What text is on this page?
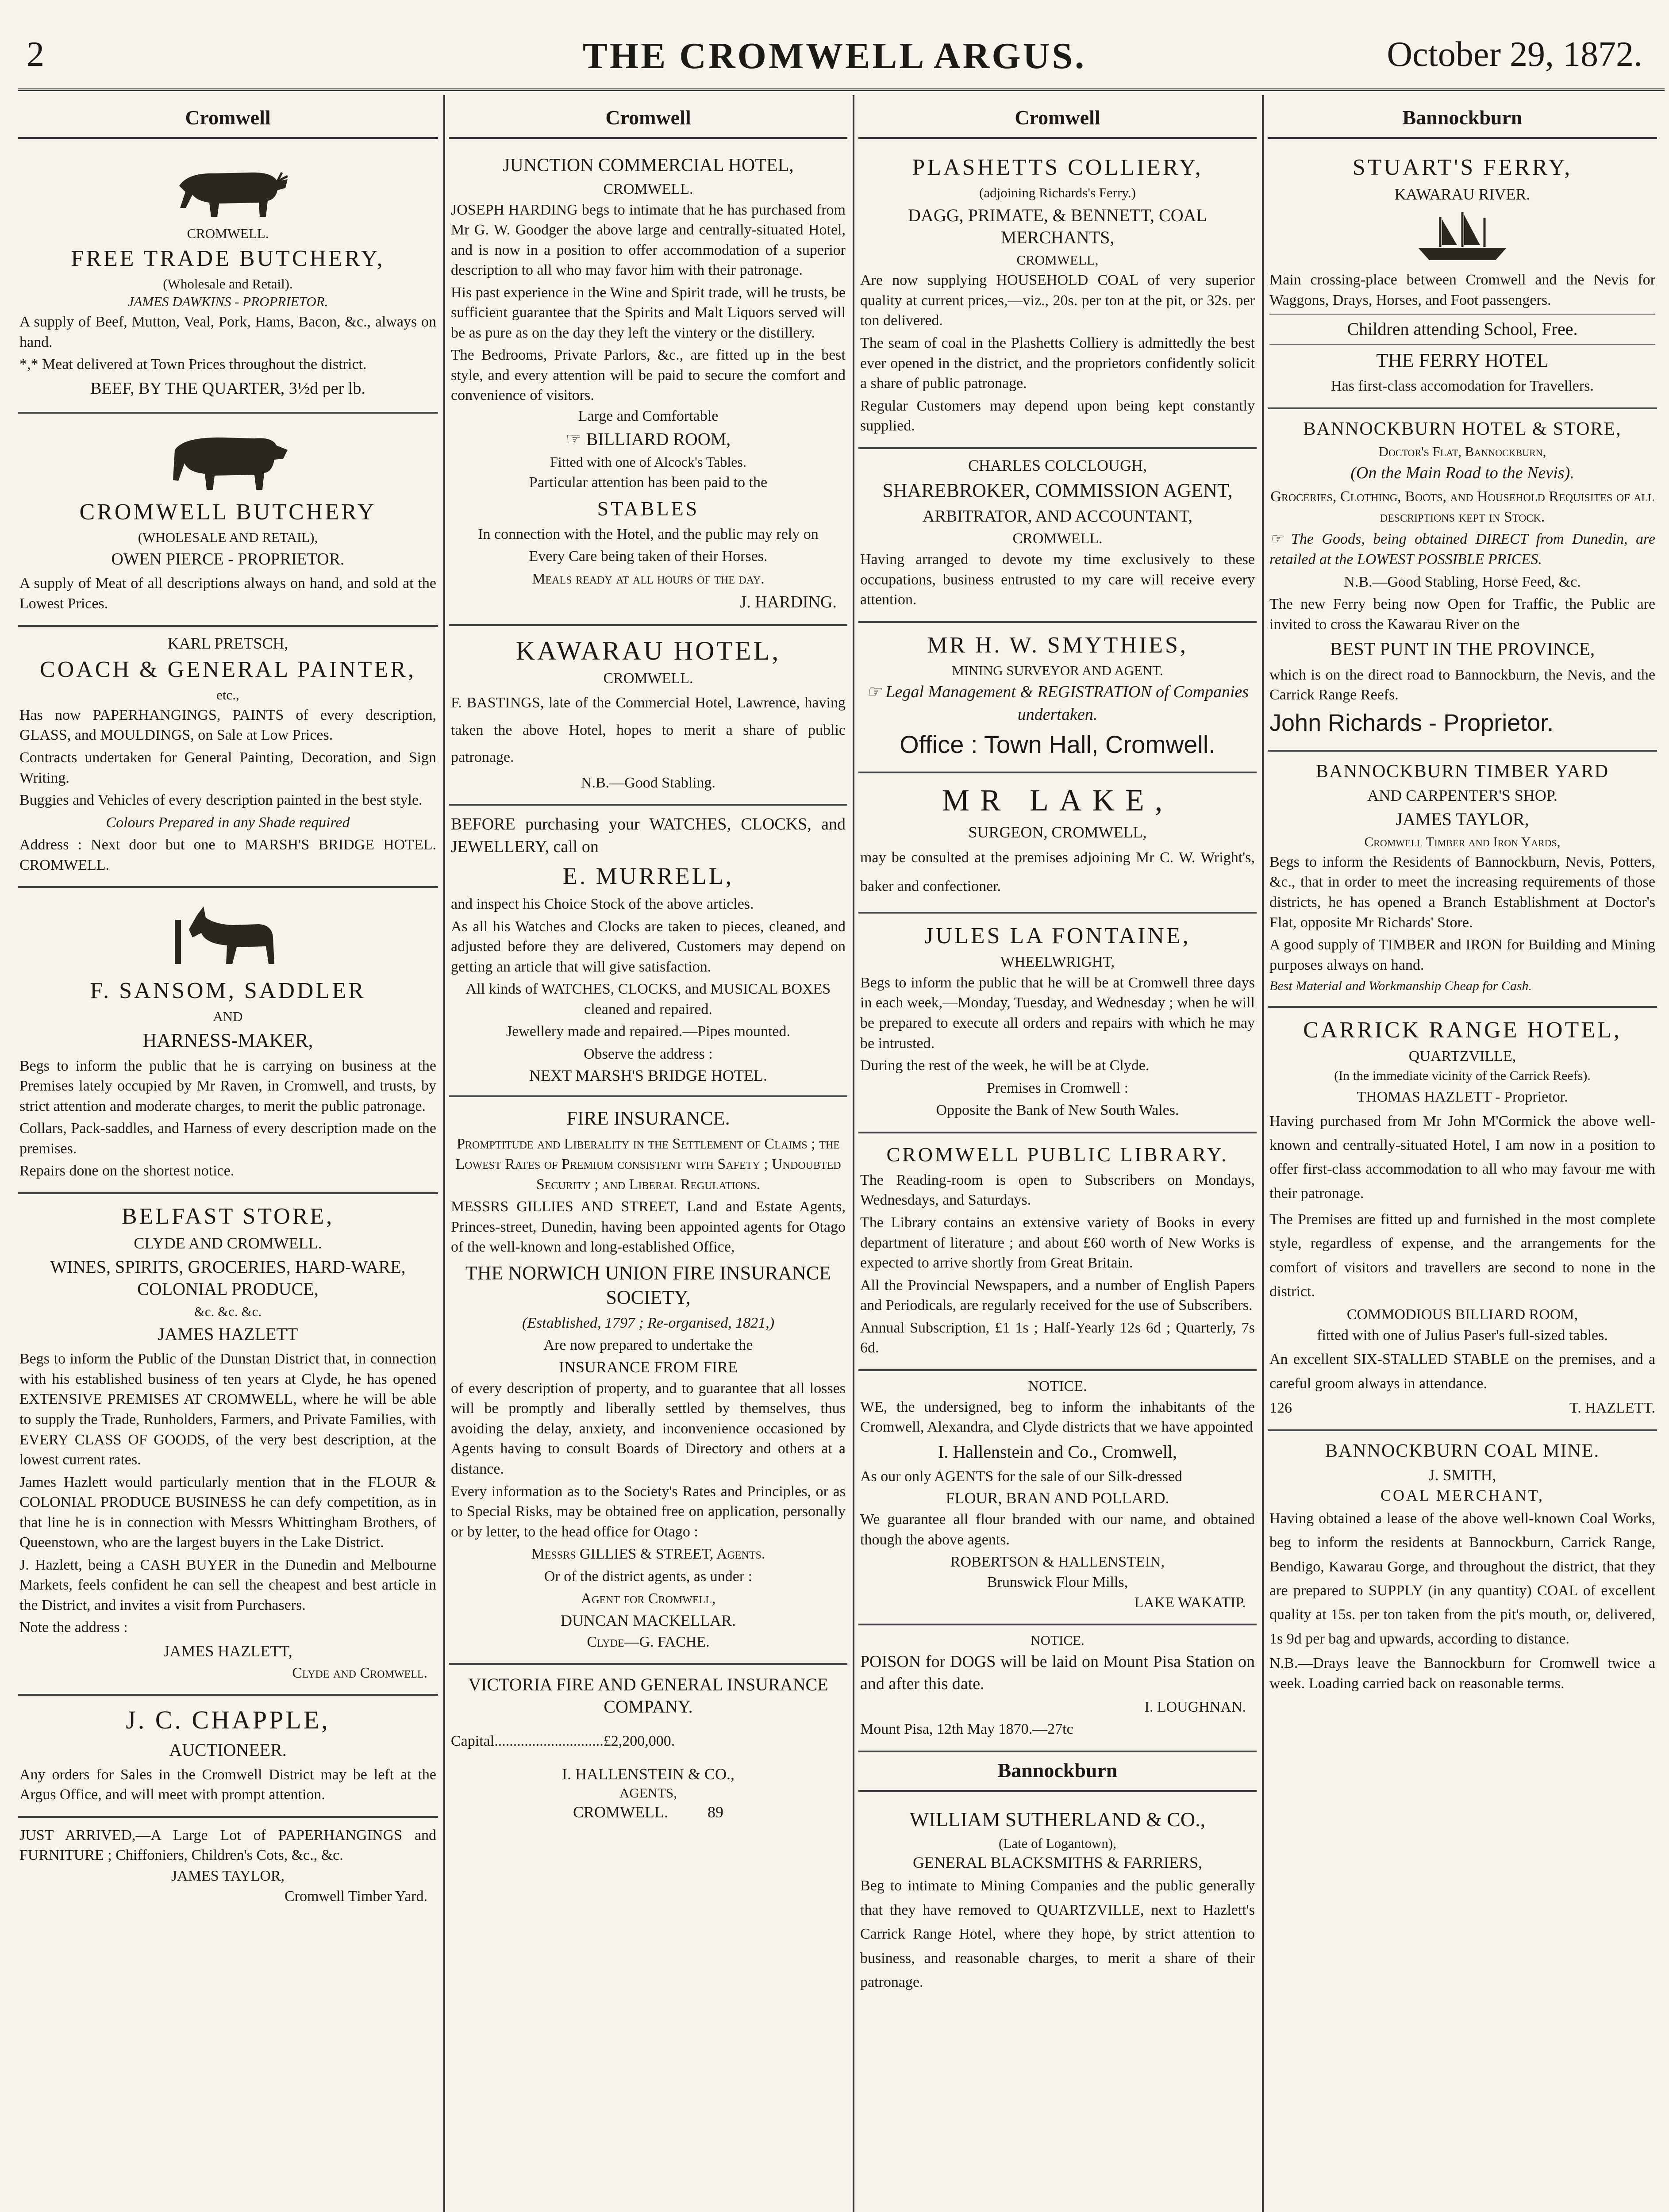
2	THE CROMWELL ARGUS.	October 29, 1872.
Cromwell
CROMWELL.
FREE TRADE BUTCHERY,
(Wholesale and Retail).
JAMES DAWKINS - PROPRIETOR.

A supply of Beef, Mutton, Veal, Pork, Hams, Bacon, &c., always on hand.

*,* Meat delivered at Town Prices throughout the district.

BEEF, BY THE QUARTER, 3½d per lb.
CROMWELL BUTCHERY
(WHOLESALE AND RETAIL),
OWEN PIERCE - PROPRIETOR.

A supply of Meat of all descriptions always on hand, and sold at the Lowest Prices.

KARL PRETSCH,
COACH & GENERAL PAINTER,
etc.,

Has now PAPERHANGINGS, PAINTS of every description, GLASS, and MOULDINGS, on Sale at Low Prices.

Contracts undertaken for General Painting, Decoration, and Sign Writing.

Buggies and Vehicles of every description painted in the best style.

Colours Prepared in any Shade required

Address : Next door but one to MARSH'S BRIDGE HOTEL. CROMWELL.

F. SANSOM, SADDLER
AND
HARNESS-MAKER,

Begs to inform the public that he is carrying on business at the Premises lately occupied by Mr Raven, in Cromwell, and trusts, by strict attention and moderate charges, to merit the public patronage.

Collars, Pack-saddles, and Harness of every description made on the premises.

Repairs done on the shortest notice.

BELFAST STORE,
CLYDE AND CROMWELL.
WINES, SPIRITS, GROCERIES, HARD-WARE, COLONIAL PRODUCE,
&c. &c. &c.
JAMES HAZLETT

Begs to inform the Public of the Dunstan District that, in connection with his established business of ten years at Clyde, he has opened EXTENSIVE PREMISES AT CROMWELL, where he will be able to supply the Trade, Runholders, Farmers, and Private Families, with EVERY CLASS OF GOODS, of the very best description, at the lowest current rates.

James Hazlett would particularly mention that in the FLOUR & COLONIAL PRODUCE BUSINESS he can defy competition, as in that line he is in connection with Messrs Whittingham Brothers, of Queenstown, who are the largest buyers in the Lake District.

J. Hazlett, being a CASH BUYER in the Dunedin and Melbourne Markets, feels confident he can sell the cheapest and best article in the District, and invites a visit from Purchasers.

Note the address :

JAMES HAZLETT,
Clyde and Cromwell.
J. C. CHAPPLE,
AUCTIONEER.

Any orders for Sales in the Cromwell District may be left at the Argus Office, and will meet with prompt attention.

JUST ARRIVED,—A Large Lot of PAPERHANGINGS and FURNITURE ; Chiffoniers, Children's Cots, &c., &c.

JAMES TAYLOR,
Cromwell Timber Yard.
Cromwell
JUNCTION COMMERCIAL HOTEL,
CROMWELL.

JOSEPH HARDING begs to intimate that he has purchased from Mr G. W. Goodger the above large and centrally-situated Hotel, and is now in a position to offer accommodation of a superior description to all who may favor him with their patronage.

His past experience in the Wine and Spirit trade, will he trusts, be sufficient guarantee that the Spirits and Malt Liquors served will be as pure as on the day they left the vintery or the distillery.

The Bedrooms, Private Parlors, &c., are fitted up in the best style, and every attention will be paid to secure the comfort and convenience of visitors.

Large and Comfortable
☞ BILLIARD ROOM,
Fitted with one of Alcock's Tables.

Particular attention has been paid to the

STABLES

In connection with the Hotel, and the public may rely on

Every Care being taken of their Horses.

Meals ready at all hours of the day.

J. HARDING.
KAWARAU HOTEL,
CROMWELL.

F. BASTINGS, late of the Commercial Hotel, Lawrence, having taken the above Hotel, hopes to merit a share of public patronage.

N.B.—Good Stabling.

BEFORE purchasing your WATCHES, CLOCKS, and JEWELLERY, call on

E. MURRELL,

and inspect his Choice Stock of the above articles.

As all his Watches and Clocks are taken to pieces, cleaned, and adjusted before they are delivered, Customers may depend on getting an article that will give satisfaction.

All kinds of WATCHES, CLOCKS, and MUSICAL BOXES cleaned and repaired.

Jewellery made and repaired.—Pipes mounted.

Observe the address :

NEXT MARSH'S BRIDGE HOTEL.
FIRE INSURANCE.

Promptitude and Liberality in the Settlement of Claims ; the Lowest Rates of Premium consistent with Safety ; Undoubted Security ; and Liberal Regulations.

MESSRS GILLIES AND STREET, Land and Estate Agents, Princes-street, Dunedin, having been appointed agents for Otago of the well-known and long-established Office,

THE NORWICH UNION FIRE INSURANCE SOCIETY,

(Established, 1797 ; Re-organised, 1821,)

Are now prepared to undertake the

INSURANCE FROM FIRE

of every description of property, and to guarantee that all losses will be promptly and liberally settled by themselves, thus avoiding the delay, anxiety, and inconvenience occasioned by Agents having to consult Boards of Directory and others at a distance.

Every information as to the Society's Rates and Principles, or as to Special Risks, may be obtained free on application, personally or by letter, to the head office for Otago :

Messrs GILLIES & STREET, Agents.

Or of the district agents, as under :

Agent for Cromwell,

DUNCAN MACKELLAR.

Clyde—G. FACHE.

VICTORIA FIRE AND GENERAL INSURANCE COMPANY.

Capital.............................£2,200,000.

I. HALLENSTEIN & CO.,
AGENTS,
CROMWELL. 89
Cromwell
PLASHETTS COLLIERY,
(adjoining Richards's Ferry.)
DAGG, PRIMATE, & BENNETT, COAL MERCHANTS,
CROMWELL,

Are now supplying HOUSEHOLD COAL of very superior quality at current prices,—viz., 20s. per ton at the pit, or 32s. per ton delivered.

The seam of coal in the Plashetts Colliery is admittedly the best ever opened in the district, and the proprietors confidently solicit a share of public patronage.

Regular Customers may depend upon being kept constantly supplied.

CHARLES COLCLOUGH,
SHAREBROKER, COMMISSION AGENT,
ARBITRATOR, AND ACCOUNTANT,
CROMWELL.

Having arranged to devote my time exclusively to these occupations, business entrusted to my care will receive every attention.

MR H. W. SMYTHIES,
MINING SURVEYOR AND AGENT.

☞ Legal Management & REGISTRATION of Companies undertaken.

Office : Town Hall, Cromwell.
MR LAKE,
SURGEON, CROMWELL,

may be consulted at the premises adjoining Mr C. W. Wright's, baker and confectioner.

JULES LA FONTAINE,
WHEELWRIGHT,

Begs to inform the public that he will be at Cromwell three days in each week,—Monday, Tuesday, and Wednesday ; when he will be prepared to execute all orders and repairs with which he may be intrusted.

During the rest of the week, he will be at Clyde.

Premises in Cromwell :

Opposite the Bank of New South Wales.

CROMWELL PUBLIC LIBRARY.

The Reading-room is open to Subscribers on Mondays, Wednesdays, and Saturdays.

The Library contains an extensive variety of Books in every department of literature ; and about £60 worth of New Works is expected to arrive shortly from Great Britain.

All the Provincial Newspapers, and a number of English Papers and Periodicals, are regularly received for the use of Subscribers.

Annual Subscription, £1 1s ; Half-Yearly 12s 6d ; Quarterly, 7s 6d.

NOTICE.

WE, the undersigned, beg to inform the inhabitants of the Cromwell, Alexandra, and Clyde districts that we have appointed

I. Hallenstein and Co., Cromwell,

As our only AGENTS for the sale of our Silk-dressed

FLOUR, BRAN AND POLLARD.

We guarantee all flour branded with our name, and obtained though the above agents.

ROBERTSON & HALLENSTEIN,
Brunswick Flour Mills,
LAKE WAKATIP.
NOTICE.

POISON for DOGS will be laid on Mount Pisa Station on and after this date.

I. LOUGHNAN.

Mount Pisa, 12th May 1870.—27tc

Bannockburn
WILLIAM SUTHERLAND & CO.,
(Late of Logantown),
GENERAL BLACKSMITHS & FARRIERS,

Beg to intimate to Mining Companies and the public generally that they have removed to QUARTZVILLE, next to Hazlett's Carrick Range Hotel, where they hope, by strict attention to business, and reasonable charges, to merit a share of their patronage.

Bannockburn
STUART'S FERRY,
KAWARAU RIVER.

Main crossing-place between Cromwell and the Nevis for Waggons, Drays, Horses, and Foot passengers.

Children attending School, Free.
THE FERRY HOTEL

Has first-class accomodation for Travellers.

BANNOCKBURN HOTEL & STORE,
Doctor's Flat, Bannockburn,

(On the Main Road to the Nevis).

Groceries, Clothing, Boots, and Household Requisites of all descriptions kept in Stock.

☞ The Goods, being obtained DIRECT from Dunedin, are retailed at the LOWEST POSSIBLE PRICES.

N.B.—Good Stabling, Horse Feed, &c.

The new Ferry being now Open for Traffic, the Public are invited to cross the Kawarau River on the

BEST PUNT IN THE PROVINCE,

which is on the direct road to Bannockburn, the Nevis, and the Carrick Range Reefs.

John Richards - Proprietor.
BANNOCKBURN TIMBER YARD
AND CARPENTER'S SHOP.
JAMES TAYLOR,
Cromwell Timber and Iron Yards,

Begs to inform the Residents of Bannockburn, Nevis, Potters, &c., that in order to meet the increasing requirements of those districts, he has opened a Branch Establishment at Doctor's Flat, opposite Mr Richards' Store.

A good supply of TIMBER and IRON for Building and Mining purposes always on hand.

Best Material and Workmanship Cheap for Cash.

CARRICK RANGE HOTEL,
QUARTZVILLE,

(In the immediate vicinity of the Carrick Reefs).

THOMAS HAZLETT - Proprietor.

Having purchased from Mr John M'Cormick the above well-known and centrally-situated Hotel, I am now in a position to offer first-class accommodation to all who may favour me with their patronage.

The Premises are fitted up and furnished in the most complete style, regardless of expense, and the arrangements for the comfort of visitors and travellers are second to none in the district.

COMMODIOUS BILLIARD ROOM,

fitted with one of Julius Paser's full-sized tables.

An excellent SIX-STALLED STABLE on the premises, and a careful groom always in attendance.

126	T. HAZLETT.
BANNOCKBURN COAL MINE.
J. SMITH,
COAL MERCHANT,

Having obtained a lease of the above well-known Coal Works, beg to inform the residents at Bannockburn, Carrick Range, Bendigo, Kawarau Gorge, and throughout the district, that they are prepared to SUPPLY (in any quantity) COAL of excellent quality at 15s. per ton taken from the pit's mouth, or, delivered, 1s 9d per bag and upwards, according to distance.

N.B.—Drays leave the Bannockburn for Cromwell twice a week. Loading carried back on reasonable terms.
